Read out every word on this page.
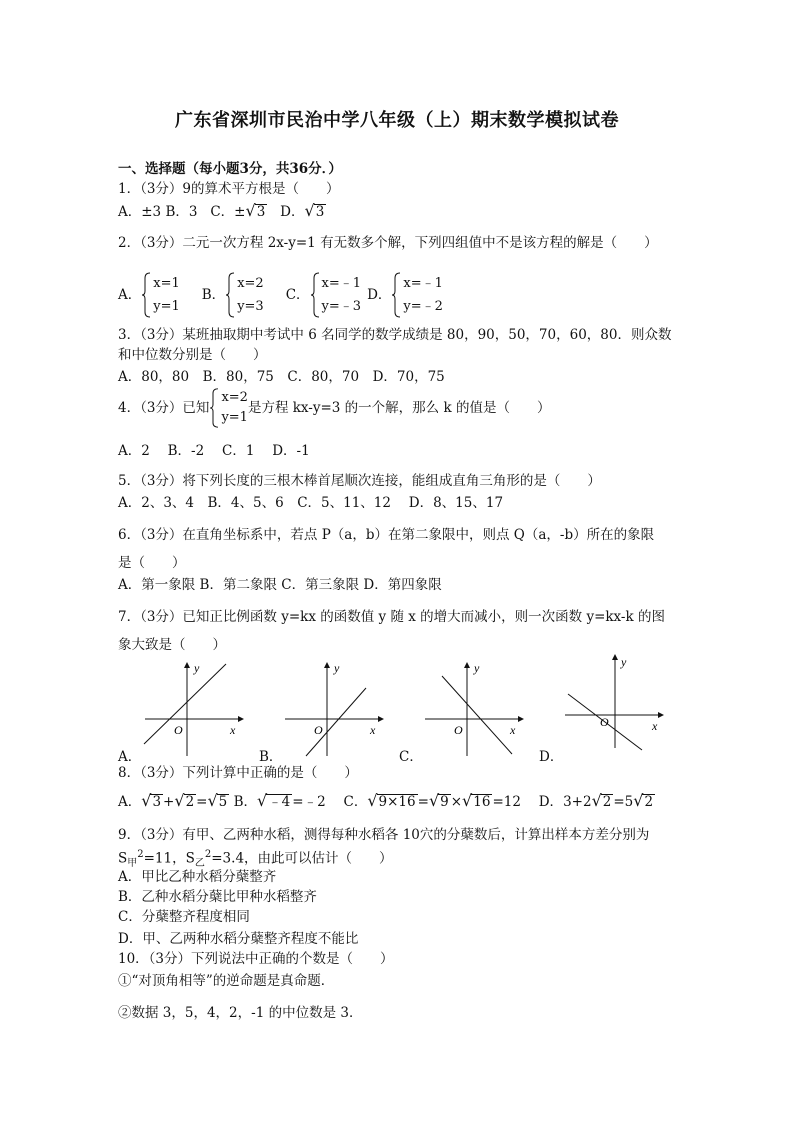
广东省深圳市民治中学八年级（上）期末数学模拟试卷
一、选择题（每小题3分，共36分．）
1．（3分）9的算术平方根是（　　）
A．±3 B．3 C．±√3 D．√3
2．（3分）二元一次方程 2x-y=1 有无数多个解，下列四组值中不是该方程的解是（　　）
A．
x=1
y=1
B．
x=2
y=3
C．
x=﹣1
y=﹣3
D．
x=﹣1
y=﹣2
3．（3分）某班抽取期中考试中 6 名同学的数学成绩是 80，90，50，70，60，80．则众数
和中位数分别是（　　）
A．80，80　B．80，75　C．80，70　D．70，75
4．（3分）已知
x=2
y=1
是方程 kx-y=3 的一个解，那么 k 的值是（　　）
A．2　 B．-2　 C．1　 D．-1
5．（3分）将下列长度的三根木棒首尾顺次连接，能组成直角三角形的是（　　）
A．2、3、4　B．4、5、6　C．5、11、12　 D．8、15、17
6．（3分）在直角坐标系中，若点 P（a，b）在第二象限中，则点 Q（a，-b）所在的象限
是（　　）
A．第一象限 B．第二象限 C．第三象限 D．第四象限
7．（3分）已知正比例函数 y=kx 的函数值 y 随 x 的增大而减小，则一次函数 y=kx-k 的图
象大致是（　　）
y
x
O
y
x
O
y
x
O
y
x
O
A．	B．	C．	D．
8．（3分）下列计算中正确的是（　　）
A．√3 +√2 =√5 B．√﹣4 =﹣2 　C．√9×16 =√9 ×√16 =12 　D．3+2√2 =5√2
9．（3分）有甲、乙两种水稻，测得每种水稻各 10穴的分蘖数后，计算出样本方差分别为
$S_甲^2=11$，$S_乙^2=3.4$，由此可以估计（　　）
A．甲比乙种水稻分蘖整齐
B．乙种水稻分蘖比甲种水稻整齐
C．分蘖整齐程度相同
D．甲、乙两种水稻分蘖整齐程度不能比
10．（3分）下列说法中正确的个数是（　　）
①“对顶角相等”的逆命题是真命题．
②数据 3，5，4，2，-1 的中位数是 3．
